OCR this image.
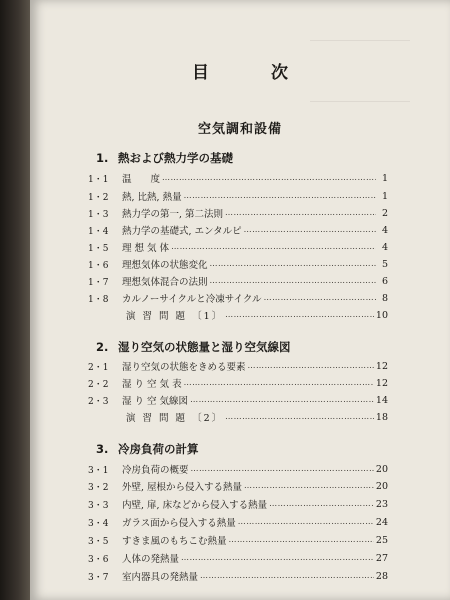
目 次
空気調和設備
1. 熱および熱力学の基礎
1・1	温　　度 …………………………………………………………………………………………………………………………………	1
1・2	熱, 比熱, 熱量 …………………………………………………………………………………………………………………………………	1
1・3	熱力学の第一, 第二法則 …………………………………………………………………………………………………………………………………	2
1・4	熱力学の基礎式, エンタルピ …………………………………………………………………………………………………………………………………	4
1・5	理 想 気 体 …………………………………………………………………………………………………………………………………	4
1・6	理想気体の状態変化 …………………………………………………………………………………………………………………………………	5
1・7	理想気体混合の法則 …………………………………………………………………………………………………………………………………	6
1・8	カルノーサイクルと冷凍サイクル …………………………………………………………………………………………………………………………………	8
演 習 問 題 〔1〕 …………………………………………………………………………………………………………………………………	10
2. 湿り空気の状態量と湿り空気線図
2・1	湿り空気の状態をきめる要素 …………………………………………………………………………………………………………………………………	12
2・2	湿 り 空 気 表 …………………………………………………………………………………………………………………………………	12
2・3	湿 り 空 気線図 …………………………………………………………………………………………………………………………………	14
演 習 問 題 〔2〕 …………………………………………………………………………………………………………………………………	18
3. 冷房負荷の計算
3・1	冷房負荷の概要 …………………………………………………………………………………………………………………………………	20
3・2	外壁, 屋根から侵入する熱量 …………………………………………………………………………………………………………………………………	20
3・3	内壁, 扉, 床などから侵入する熱量 …………………………………………………………………………………………………………………………………	23
3・4	ガラス面から侵入する熱量 …………………………………………………………………………………………………………………………………	24
3・5	すきま風のもちこむ熱量 …………………………………………………………………………………………………………………………………	25
3・6	人体の発熱量 …………………………………………………………………………………………………………………………………	27
3・7	室内器具の発熱量 …………………………………………………………………………………………………………………………………	28
